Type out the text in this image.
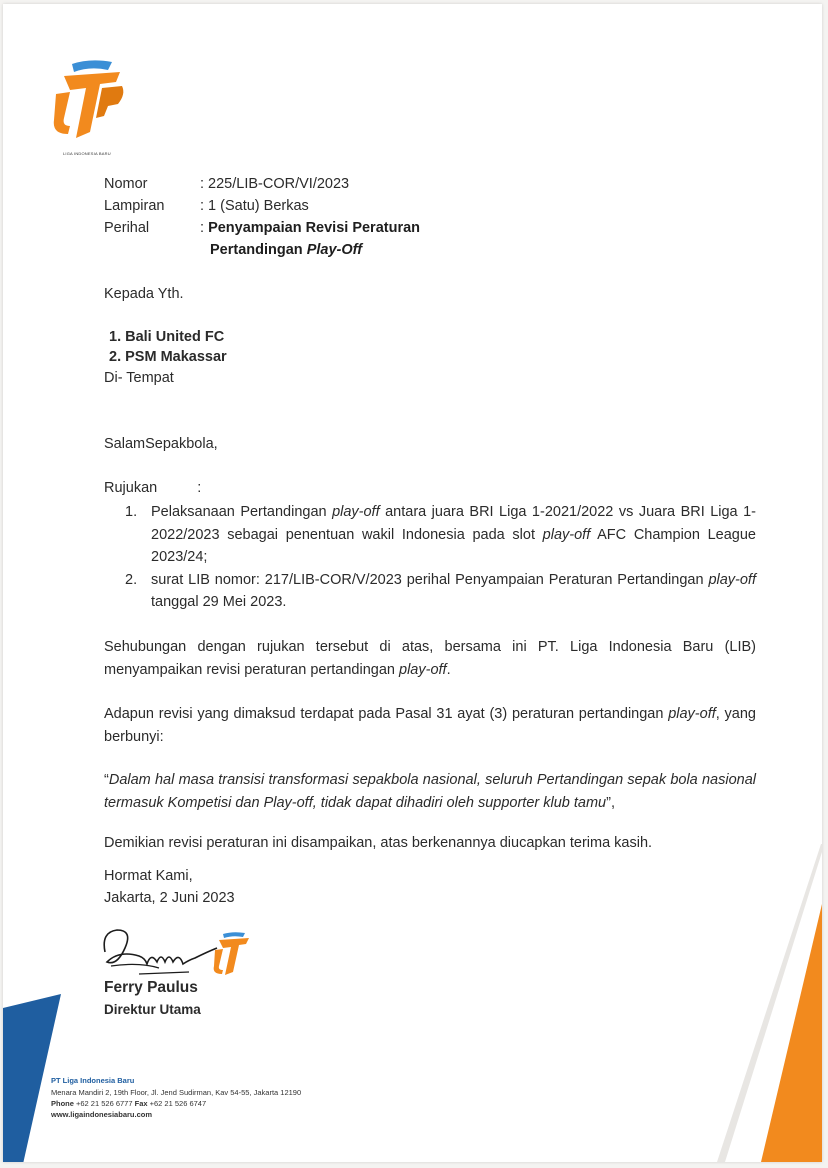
LIGA INDONESIA BARU
Nomor	: 225/LIB-COR/VI/2023
Lampiran : 1 (Satu) Berkas
Perihal	: Penyampaian Revisi Peraturan
Pertandingan Play-Off
Kepada Yth.
1. Bali United FC
2. PSM Makassar
Di- Tempat
SalamSepakbola,
Rujukan	:
1. Pelaksanaan Pertandingan play-off antara juara BRI Liga 1-2021/2022 vs Juara BRI Liga 1-2022/2023 sebagai penentuan wakil Indonesia pada slot play-off AFC Champion League 2023/24;
2. surat LIB nomor: 217/LIB-COR/V/2023 perihal Penyampaian Peraturan Pertandingan play-off tanggal 29 Mei 2023.
Sehubungan dengan rujukan tersebut di atas, bersama ini PT. Liga Indonesia Baru (LIB) menyampaikan revisi peraturan pertandingan play-off.
Adapun revisi yang dimaksud terdapat pada Pasal 31 ayat (3) peraturan pertandingan play-off, yang berbunyi:
“Dalam hal masa transisi transformasi sepakbola nasional, seluruh Pertandingan sepak bola nasional termasuk Kompetisi dan Play-off, tidak dapat dihadiri oleh supporter klub tamu”,
Demikian revisi peraturan ini disampaikan, atas berkenannya diucapkan terima kasih.
Hormat Kami,
Jakarta, 2 Juni 2023
Ferry Paulus
Direktur Utama
PT Liga Indonesia Baru
Menara Mandiri 2, 19th Floor, Jl. Jend Sudirman, Kav 54-55, Jakarta 12190
Phone +62 21 526 6777 Fax +62 21 526 6747
www.ligaindonesiabaru.com
